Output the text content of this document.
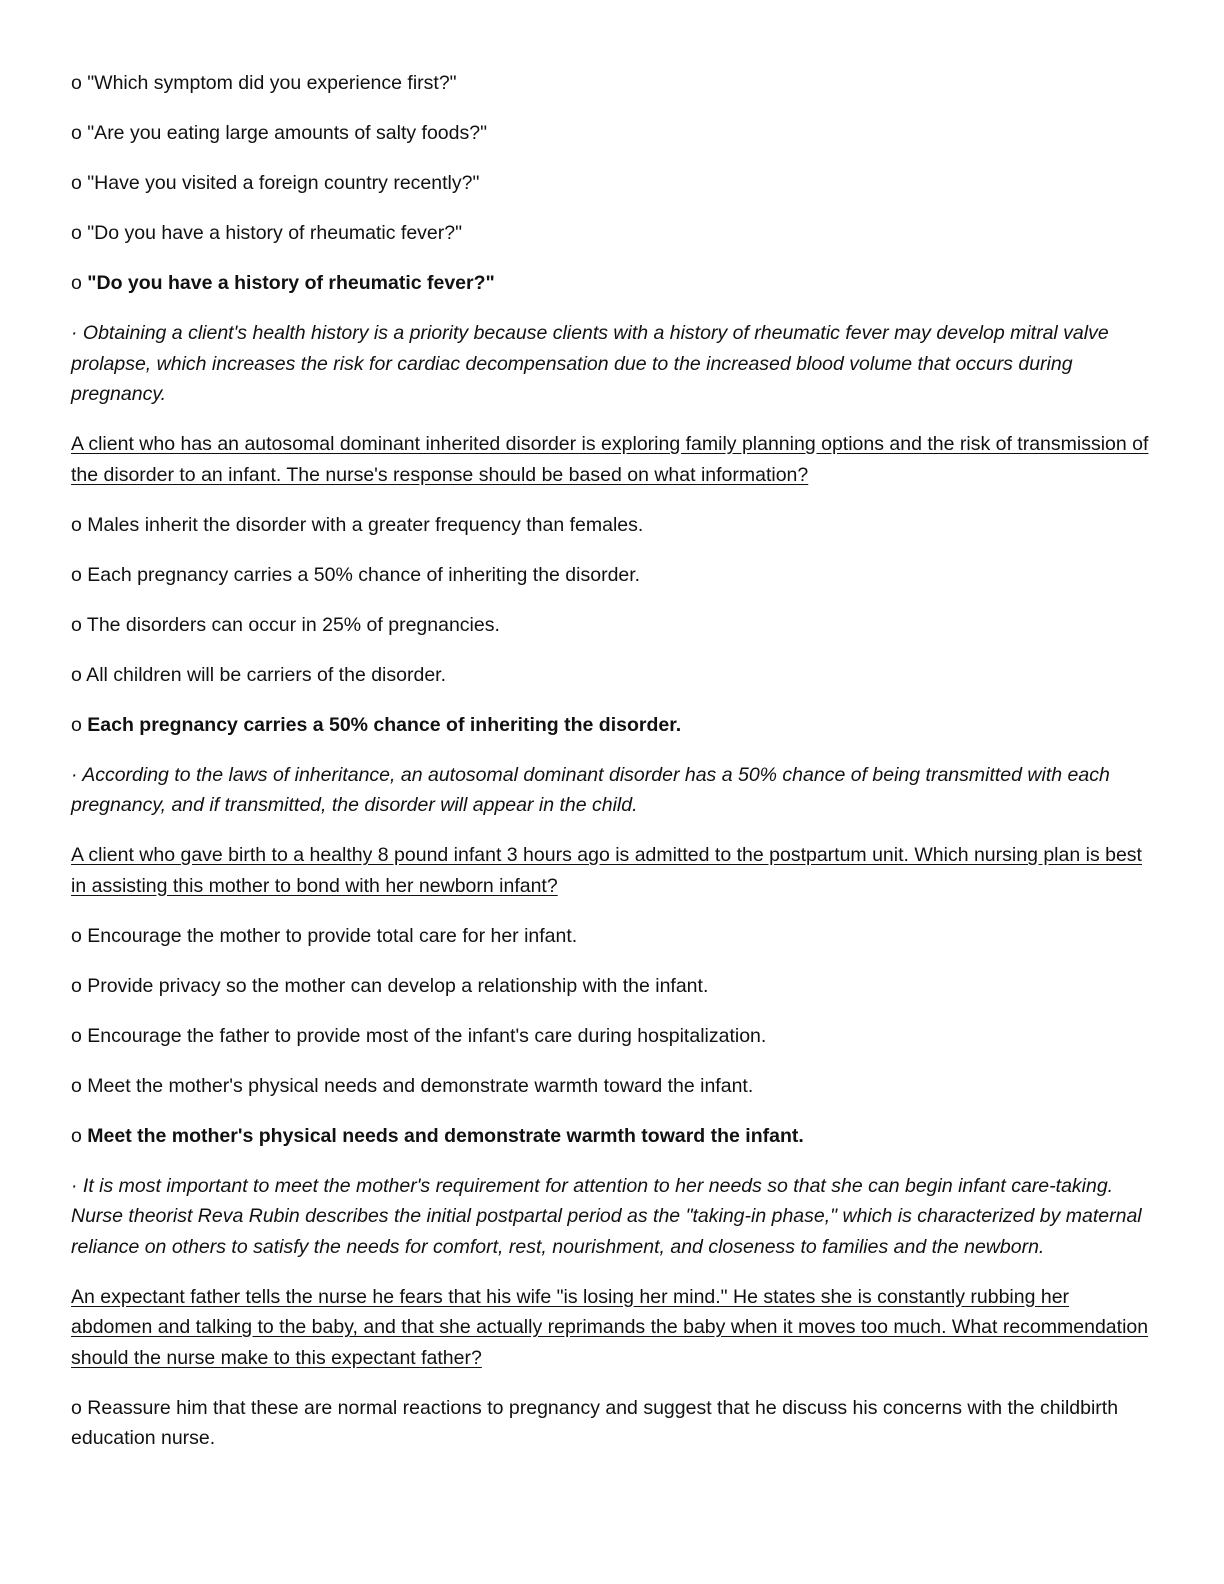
o "Which symptom did you experience first?"

o "Are you eating large amounts of salty foods?"

o "Have you visited a foreign country recently?"

o "Do you have a history of rheumatic fever?"

o "Do you have a history of rheumatic fever?"

· Obtaining a client's health history is a priority because clients with a history of rheumatic fever may develop mitral valve prolapse, which increases the risk for cardiac decompensation due to the increased blood volume that occurs during pregnancy.

A client who has an autosomal dominant inherited disorder is exploring family planning options and the risk of transmission of the disorder to an infant. The nurse's response should be based on what information?

o Males inherit the disorder with a greater frequency than females.

o Each pregnancy carries a 50% chance of inheriting the disorder.

o The disorders can occur in 25% of pregnancies.

o All children will be carriers of the disorder.

o Each pregnancy carries a 50% chance of inheriting the disorder.

· According to the laws of inheritance, an autosomal dominant disorder has a 50% chance of being transmitted with each pregnancy, and if transmitted, the disorder will appear in the child.

A client who gave birth to a healthy 8 pound infant 3 hours ago is admitted to the postpartum unit. Which nursing plan is best in assisting this mother to bond with her newborn infant?

o Encourage the mother to provide total care for her infant.

o Provide privacy so the mother can develop a relationship with the infant.

o Encourage the father to provide most of the infant's care during hospitalization.

o Meet the mother's physical needs and demonstrate warmth toward the infant.

o Meet the mother's physical needs and demonstrate warmth toward the infant.

· It is most important to meet the mother's requirement for attention to her needs so that she can begin infant care-taking. Nurse theorist Reva Rubin describes the initial postpartal period as the "taking-in phase," which is characterized by maternal reliance on others to satisfy the needs for comfort, rest, nourishment, and closeness to families and the newborn.

An expectant father tells the nurse he fears that his wife "is losing her mind." He states she is constantly rubbing her abdomen and talking to the baby, and that she actually reprimands the baby when it moves too much. What recommendation should the nurse make to this expectant father?

o Reassure him that these are normal reactions to pregnancy and suggest that he discuss his concerns with the childbirth education nurse.
